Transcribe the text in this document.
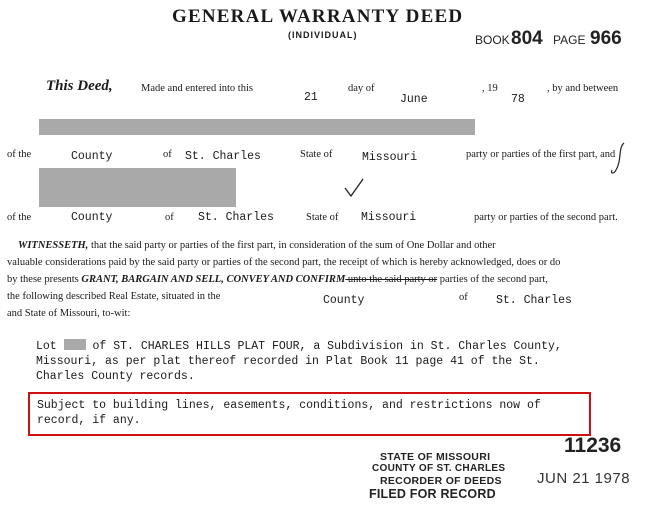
GENERAL WARRANTY DEED
(INDIVIDUAL)	BOOK 804 PAGE 966
This Deed,	Made and entered into this
21
day of
June
, 19
78
, by and between
of the	County	of St. Charles	State of	Missouri	party or parties of the first part, and
of the	County	of St. Charles	State of Missouri	party or parties of the second part.
WITNESSETH, that the said party or parties of the first part, in consideration of the sum of One Dollar and other
valuable considerations paid by the said party or parties of the second part, the receipt of which is hereby acknowledged, does or do
by these presents GRANT, BARGAIN AND SELL, CONVEY AND CONFIRM unto the said party or parties of the second part,
the following described Real Estate, situated in the	County	of St. Charles
and State of Missouri, to-wit:
Lot	of ST. CHARLES HILLS PLAT FOUR, a Subdivision in St. Charles County,
Missouri, as per plat thereof recorded in Plat Book 11 page 41 of the St.
Charles County records.
Subject to building lines, easements, conditions, and restrictions now of
record, if any.
11236
STATE OF MISSOURI
COUNTY OF ST. CHARLES
RECORDER OF DEEDS
FILED FOR RECORD
JUN 21 1978
